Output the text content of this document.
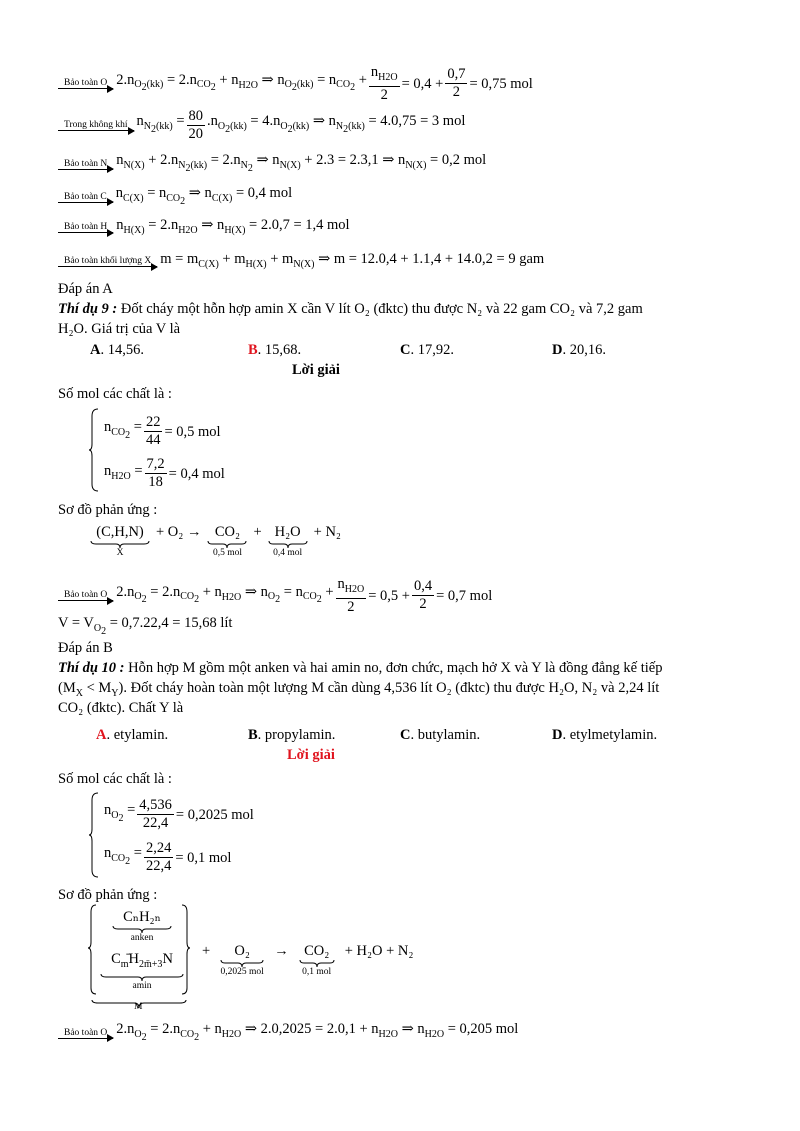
Bảo toàn O $2.n_{O_2(kk)} = 2.n_{CO_2} + n_{H2O}$ ⇒ $n_{O_2(kk)} = n_{CO_2} + \frac{n_{H2O}}{2} = 0,4 + \frac{0,7}{2} = 0,75$ mol
Trong không khí $n_{N_2(kk)} = \frac{80}{20} .n_{O_2(kk)} = 4.n_{O_2(kk)}$ ⇒ $n_{N_2(kk)} = 4.0,75 = 3$ mol
Bảo toàn N $n_{N(X)} + 2.n_{N_2(kk)} = 2.n_{N_2}$ ⇒ $n_{N(X)} + 2.3 = 2.3,1$ ⇒ $n_{N(X)} = 0,2$ mol
Bảo toàn C $n_{C(X)} = n_{CO_2}$ ⇒ $n_{C(X)} = 0,4$ mol
Bảo toàn H $n_{H(X)} = 2.n_{H2O}$ ⇒ $n_{H(X)} = 2.0,7 = 1,4$ mol
Bảo toàn khối lượng X $m = m_{C(X)} + m_{H(X)} + m_{N(X)}$ ⇒ m = 12.0,4 + 1.1,4 + 14.0,2 = 9 gam
Đáp án A
Thí dụ 9 : Đốt cháy một hỗn hợp amin X cần V lít O₂ (đktc) thu được N₂ và 22 gam CO₂ và 7,2 gam
H₂O. Giá trị của V là
A. 14,56.	B. 15,68.	C. 17,92.	D. 20,16.
Lời giải
Số mol các chất là :
$n_{CO_2} = \frac{22}{44} = 0,5$ mol
$n_{H2O} = \frac{7,2}{18} = 0,4$ mol
Sơ đồ phản ứng :
(C,H,N)
X
+ O₂ → CO₂
0,5 mol
+ H₂O
0,4 mol
+ N₂
Bảo toàn O $2.n_{O_2} = 2.n_{CO_2} + n_{H2O}$ ⇒ $n_{O_2} = n_{CO_2} + \frac{n_{H2O}}{2} = 0,5 + \frac{0,4}{2} = 0,7$ mol
$V = V_{O_2} = 0,7.22,4 = 15,68$ lít
Đáp án B
Thí dụ 10 : Hỗn hợp M gồm một anken và hai amin no, đơn chức, mạch hở X và Y là đồng đẳng kế tiếp
$(M_X < M_Y)$. Đốt cháy hoàn toàn một lượng M cần dùng 4,536 lít O₂ (đktc) thu được H₂O, N₂ và 2,24 lít
CO₂ (đktc). Chất Y là
A. etylamin.	B. propylamin.	C. butylamin.	D. etylmetylamin.
Lời giải
Số mol các chất là :
$n_{O_2} = \frac{4,536}{22,4} = 0,2025$ mol
$n_{CO_2} = \frac{2,24}{22,4} = 0,1$ mol
Sơ đồ phản ứng :
CₙH₂ₙ
anken
$C_m̄H_{2m̄+3}N$
amin
M
+ O₂
0,2025 mol
→ CO₂
0,1 mol
+ H₂O + N₂
Bảo toàn O $2.n_{O_2} = 2.n_{CO_2} + n_{H2O}$ ⇒ $2.0,2025 = 2.0,1 + n_{H2O}$ ⇒ $n_{H2O} = 0,205$ mol
